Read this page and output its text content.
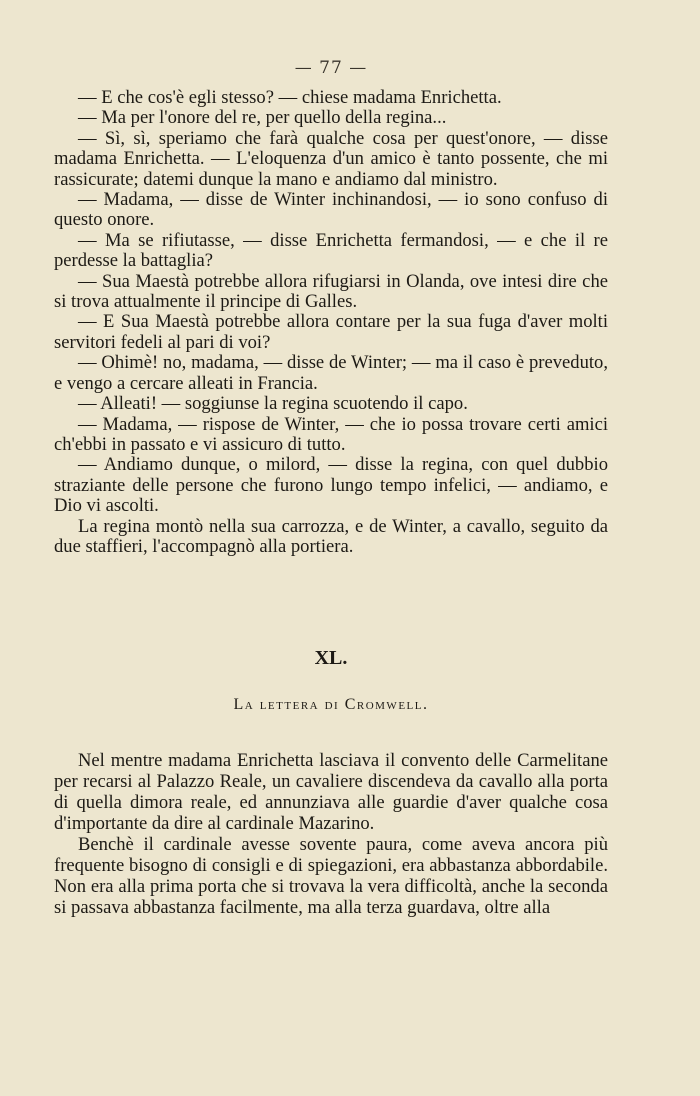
— 77 —

— E che cos'è egli stesso? — chiese madama Enrichetta.

— Ma per l'onore del re, per quello della regina...

— Sì, sì, speriamo che farà qualche cosa per quest'onore, — disse madama Enrichetta. — L'eloquenza d'un amico è tanto possente, che mi rassicurate; datemi dunque la mano e andiamo dal ministro.

— Madama, — disse de Winter inchinandosi, — io sono confuso di questo onore.

— Ma se rifiutasse, — disse Enrichetta fermandosi, — e che il re perdesse la battaglia?

— Sua Maestà potrebbe allora rifugiarsi in Olanda, ove intesi dire che si trova attualmente il principe di Galles.

— E Sua Maestà potrebbe allora contare per la sua fuga d'aver molti servitori fedeli al pari di voi?

— Ohimè! no, madama, — disse de Winter; — ma il caso è preveduto, e vengo a cercare alleati in Francia.

— Alleati! — soggiunse la regina scuotendo il capo.

— Madama, — rispose de Winter, — che io possa trovare certi amici ch'ebbi in passato e vi assicuro di tutto.

— Andiamo dunque, o milord, — disse la regina, con quel dubbio straziante delle persone che furono lungo tempo infelici, — andiamo, e Dio vi ascolti.

La regina montò nella sua carrozza, e de Winter, a cavallo, seguito da due staffieri, l'accompagnò alla portiera.

XL.
La lettera di Cromwell.

Nel mentre madama Enrichetta lasciava il convento delle Carmelitane per recarsi al Palazzo Reale, un cavaliere discendeva da cavallo alla porta di quella dimora reale, ed annunziava alle guardie d'aver qualche cosa d'importante da dire al cardinale Mazarino.

Benchè il cardinale avesse sovente paura, come aveva ancora più frequente bisogno di consigli e di spiegazioni, era abbastanza abbordabile. Non era alla prima porta che si trovava la vera difficoltà, anche la seconda si passava abbastanza facilmente, ma alla terza guardava, oltre alla
